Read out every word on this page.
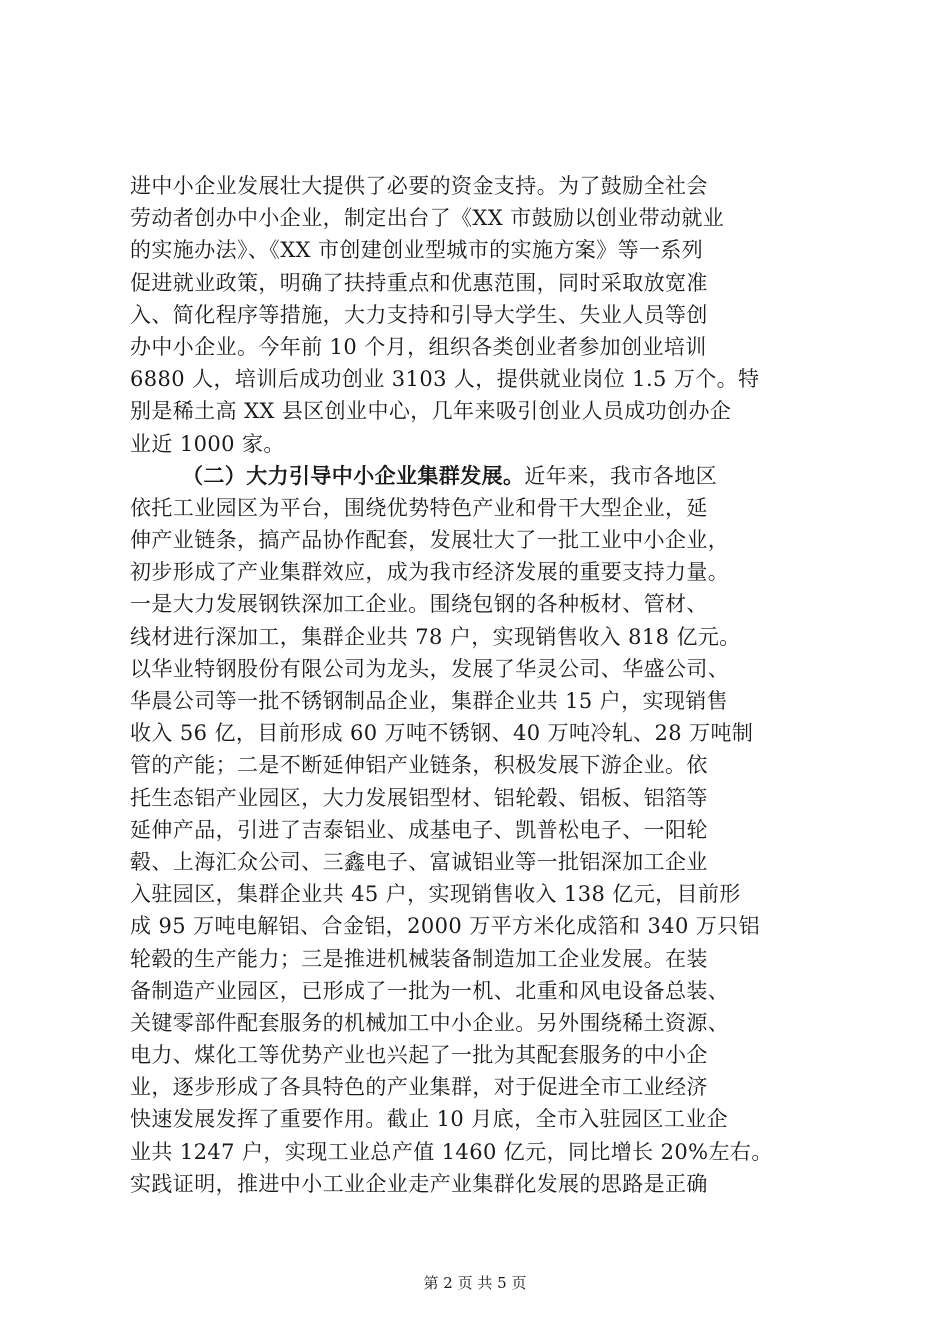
进中小企业发展壮大提供了必要的资金支持。为了鼓励全社会
劳动者创办中小企业，制定出台了《XX 市鼓励以创业带动就业
的实施办法》、《XX 市创建创业型城市的实施方案》等一系列
促进就业政策，明确了扶持重点和优惠范围，同时采取放宽准
入、简化程序等措施，大力支持和引导大学生、失业人员等创
办中小企业。今年前 10 个月，组织各类创业者参加创业培训
6880 人，培训后成功创业 3103 人，提供就业岗位 1.5 万个。特
别是稀土高 XX 县区创业中心，几年来吸引创业人员成功创办企
业近 1000 家。
（二）大力引导中小企业集群发展。近年来，我市各地区
依托工业园区为平台，围绕优势特色产业和骨干大型企业，延
伸产业链条，搞产品协作配套，发展壮大了一批工业中小企业，
初步形成了产业集群效应，成为我市经济发展的重要支持力量。
一是大力发展钢铁深加工企业。围绕包钢的各种板材、管材、
线材进行深加工，集群企业共 78 户，实现销售收入 818 亿元。
以华业特钢股份有限公司为龙头，发展了华灵公司、华盛公司、
华晨公司等一批不锈钢制品企业，集群企业共 15 户，实现销售
收入 56 亿，目前形成 60 万吨不锈钢、40 万吨冷轧、28 万吨制
管的产能；二是不断延伸铝产业链条，积极发展下游企业。依
托生态铝产业园区，大力发展铝型材、铝轮毂、铝板、铝箔等
延伸产品，引进了吉泰铝业、成基电子、凯普松电子、一阳轮
毂、上海汇众公司、三鑫电子、富诚铝业等一批铝深加工企业
入驻园区，集群企业共 45 户，实现销售收入 138 亿元，目前形
成 95 万吨电解铝、合金铝，2000 万平方米化成箔和 340 万只铝
轮毂的生产能力；三是推进机械装备制造加工企业发展。在装
备制造产业园区，已形成了一批为一机、北重和风电设备总装、
关键零部件配套服务的机械加工中小企业。另外围绕稀土资源、
电力、煤化工等优势产业也兴起了一批为其配套服务的中小企
业，逐步形成了各具特色的产业集群，对于促进全市工业经济
快速发展发挥了重要作用。截止 10 月底，全市入驻园区工业企
业共 1247 户，实现工业总产值 1460 亿元，同比增长 20%左右。
实践证明，推进中小工业企业走产业集群化发展的思路是正确
第 2 页 共 5 页
